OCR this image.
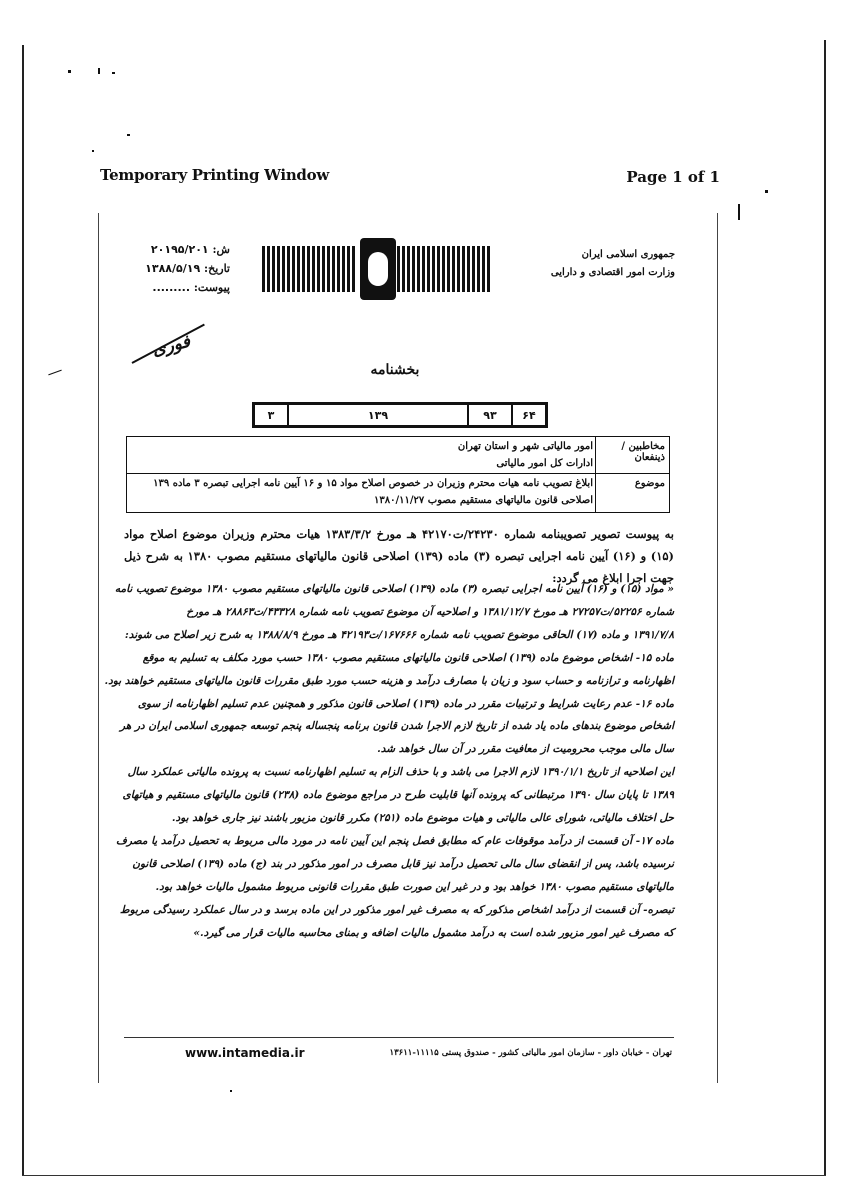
Temporary Printing Window	Page 1 of 1
ش: ۲۰۱۹۵/۲۰۱
تاریخ: ۱۳۸۸/۵/۱۹
پیوست: .........
جمهوری اسلامی ایران
وزارت امور اقتصادی و دارایی
فوری
بخشنامه
۳	۱۳۹	۹۳	۶۴
مخاطبین / ذینفعان
امور مالیاتی شهر و استان تهران
ادارات کل امور مالیاتی
موضوع
ابلاغ تصویب نامه هیات محترم وزیران در خصوص اصلاح مواد ۱۵ و ۱۶ آیین نامه اجرایی تبصره ۳ ماده ۱۳۹
اصلاحی قانون مالیاتهای مستقیم مصوب ۱۳۸۰/۱۱/۲۷
به پیوست تصویر تصویبنامه شماره ۲۴۲۳۰/ت۴۲۱۷۰ هـ مورخ ۱۳۸۳/۳/۲ هیات محترم وزیران موضوع اصلاح مواد (۱۵) و (۱۶) آیین نامه اجرایی تبصره (۳) ماده (۱۳۹) اصلاحی قانون مالیاتهای مستقیم مصوب ۱۳۸۰ به شرح ذیل جهت اجرا ابلاغ می گردد:
« مواد (۱۵) و (۱۶) آیین نامه اجرایی تبصره (۳) ماده (۱۳۹) اصلاحی قانون مالیاتهای مستقیم مصوب ۱۳۸۰ موضوع تصویب نامه
شماره ۵۲۲۵۶/ت۲۷۲۵۷ هـ مورخ ۱۳۸۱/۱۲/۷ و اصلاحیه آن موضوع تصویب نامه شماره ۴۳۳۲۸/ت۲۸۸۶۳ هـ مورخ
۱۳۹۱/۷/۸ و ماده (۱۷) الحاقی موضوع تصویب نامه شماره ۱۶۷۶۶۶/ت۴۲۱۹۳ هـ مورخ ۱۳۸۸/۸/۹ به شرح زیر اصلاح می شوند:
ماده ۱۵- اشخاص موضوع ماده (۱۳۹) اصلاحی قانون مالیاتهای مستقیم مصوب ۱۳۸۰ حسب مورد مکلف به تسلیم به موقع
اظهارنامه و ترازنامه و حساب سود و زیان با مصارف درآمد و هزینه حسب مورد طبق مقررات قانون مالیاتهای مستقیم خواهند بود.
ماده ۱۶- عدم رعایت شرایط و ترتیبات مقرر در ماده (۱۳۹) اصلاحی قانون مذکور و همچنین عدم تسلیم اظهارنامه از سوی
اشخاص موضوع بندهای ماده یاد شده از تاریخ لازم الاجرا شدن قانون برنامه پنجساله پنجم توسعه جمهوری اسلامی ایران در هر
سال مالی موجب محرومیت از معافیت مقرر در آن سال خواهد شد.
این اصلاحیه از تاریخ ۱۳۹۰/۱/۱ لازم الاجرا می باشد و با حذف الزام به تسلیم اظهارنامه نسبت به پرونده مالیاتی عملکرد سال
۱۳۸۹ تا پایان سال ۱۳۹۰ مرتبطانی که پرونده آنها قابلیت طرح در مراجع موضوع ماده (۲۳۸) قانون مالیاتهای مستقیم و هیاتهای
حل اختلاف مالیاتی، شورای عالی مالیاتی و هیات موضوع ماده (۲۵۱) مکرر قانون مزبور باشند نیز جاری خواهد بود.
ماده ۱۷- آن قسمت از درآمد موقوفات عام که مطابق فصل پنجم این آیین نامه در مورد مالی مربوط به تحصیل درآمد یا مصرف
نرسیده باشد، پس از انقضای سال مالی تحصیل درآمد نیز قابل مصرف در امور مذکور در بند (ج) ماده (۱۳۹) اصلاحی قانون
مالیاتهای مستقیم مصوب ۱۳۸۰ خواهد بود و در غیر این صورت طبق مقررات قانونی مربوط مشمول مالیات خواهد بود.
تبصره- آن قسمت از درآمد اشخاص مذکور که به مصرف غیر امور مذکور در این ماده برسد و در سال عملکرد رسیدگی مربوط
که مصرف غیر امور مزبور شده است به درآمد مشمول مالیات اضافه و بمنای محاسبه مالیات قرار می گیرد.»
www.intamedia.ir	تهران - خیابان داور - سازمان امور مالیاتی کشور - صندوق پستی ۱۱۱۱۵-۱۳۶۱۱
